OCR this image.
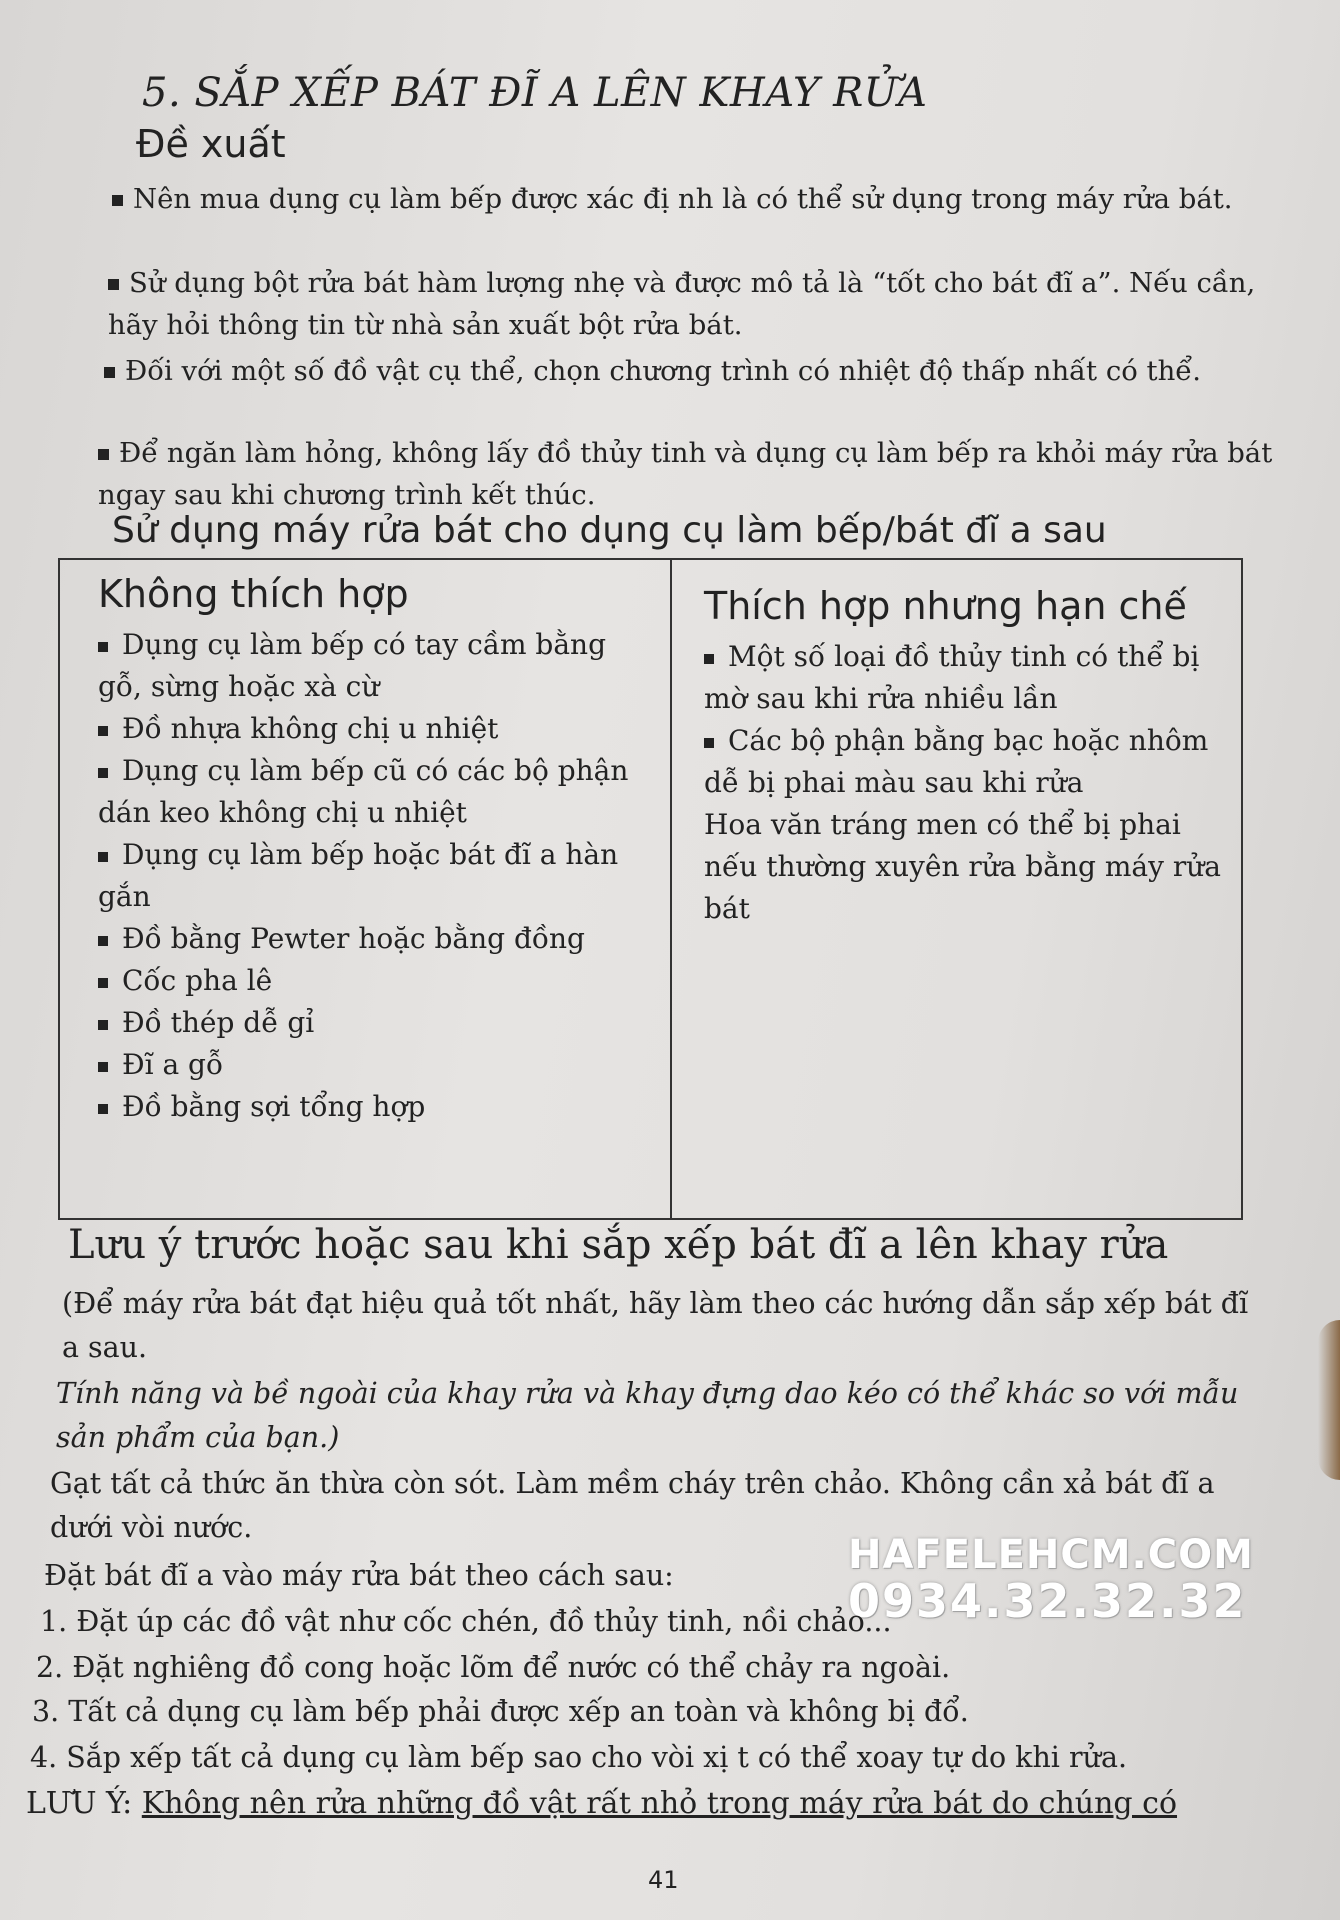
5. SẮP XẾP BÁT ĐĨ A LÊN KHAY RỬA
Đề xuất
Nên mua dụng cụ làm bếp được xác đị nh là có thể sử dụng trong máy rửa bát.
Sử dụng bột rửa bát hàm lượng nhẹ và được mô tả là “tốt cho bát đĩ a”. Nếu cần, hãy hỏi thông tin từ nhà sản xuất bột rửa bát.
Đối với một số đồ vật cụ thể, chọn chương trình có nhiệt độ thấp nhất có thể.
Để ngăn làm hỏng, không lấy đồ thủy tinh và dụng cụ làm bếp ra khỏi máy rửa bát ngay sau khi chương trình kết thúc.
Sử dụng máy rửa bát cho dụng cụ làm bếp/bát đĩ a sau
Không thích hợp
Dụng cụ làm bếp có tay cầm bằng gỗ, sừng hoặc xà cừ
Đồ nhựa không chị u nhiệt
Dụng cụ làm bếp cũ có các bộ phận dán keo không chị u nhiệt
Dụng cụ làm bếp hoặc bát đĩ a hàn gắn
Đồ bằng Pewter hoặc bằng đồng
Cốc pha lê
Đồ thép dễ gỉ
Đĩ a gỗ
Đồ bằng sợi tổng hợp
Thích hợp nhưng hạn chế
Một số loại đồ thủy tinh có thể bị mờ sau khi rửa nhiều lần
Các bộ phận bằng bạc hoặc nhôm dễ bị phai màu sau khi rửa
Hoa văn tráng men có thể bị phai nếu thường xuyên rửa bằng máy rửa bát
HAFELEHCM.COM
0934.32.32.32
Lưu ý trước hoặc sau khi sắp xếp bát đĩ a lên khay rửa
(Để máy rửa bát đạt hiệu quả tốt nhất, hãy làm theo các hướng dẫn sắp xếp bát đĩ a sau.
Tính năng và bề ngoài của khay rửa và khay đựng dao kéo có thể khác so với mẫu sản phẩm của bạn.)
Gạt tất cả thức ăn thừa còn sót. Làm mềm cháy trên chảo. Không cần xả bát đĩ a dưới vòi nước.
Đặt bát đĩ a vào máy rửa bát theo cách sau:
1. Đặt úp các đồ vật như cốc chén, đồ thủy tinh, nồi chảo...
2. Đặt nghiêng đồ cong hoặc lõm để nước có thể chảy ra ngoài.
3. Tất cả dụng cụ làm bếp phải được xếp an toàn và không bị đổ.
4. Sắp xếp tất cả dụng cụ làm bếp sao cho vòi xị t có thể xoay tự do khi rửa.
LƯU Ý: Không nên rửa những đồ vật rất nhỏ trong máy rửa bát do chúng có
41
